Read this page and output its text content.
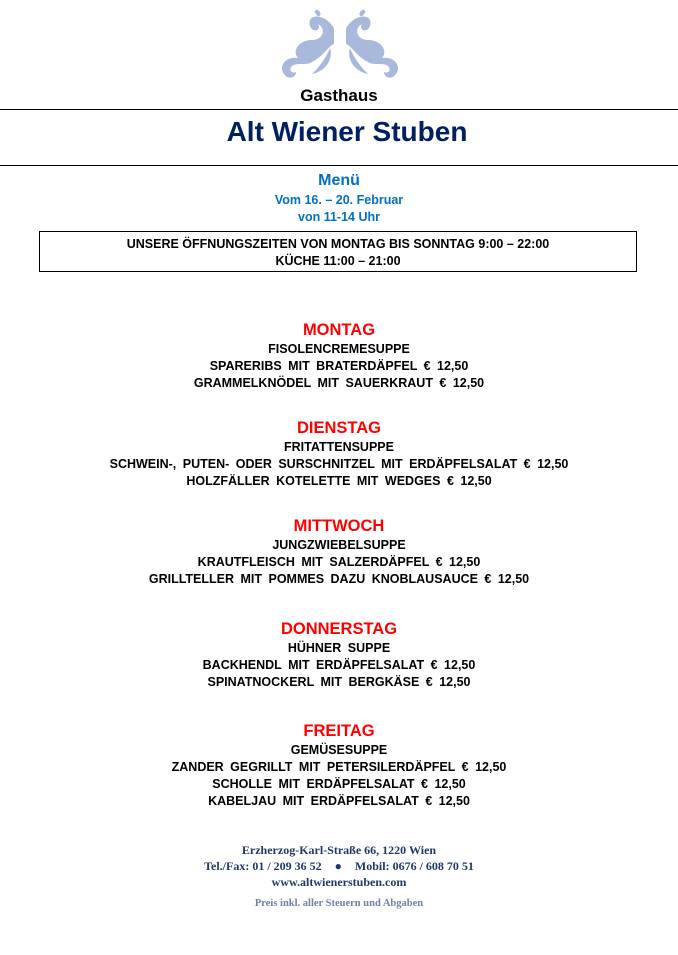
Gasthaus
Alt Wiener Stuben
Menü
Vom 16. – 20. Februar
von 11-14 Uhr
UNSERE ÖFFNUNGSZEITEN VON MONTAG BIS SONNTAG 9:00 – 22:00
KÜCHE 11:00 – 21:00
MONTAG
FISOLENCREMESUPPE
SPARERIBS MIT BRATERDÄPFEL € 12,50
GRAMMELKNÖDEL MIT SAUERKRAUT € 12,50
DIENSTAG
FRITATTENSUPPE
SCHWEIN-, PUTEN- ODER SURSCHNITZEL MIT ERDÄPFELSALAT € 12,50
HOLZFÄLLER KOTELETTE MIT WEDGES € 12,50
MITTWOCH
JUNGZWIEBELSUPPE
KRAUTFLEISCH MIT SALZERDÄPFEL € 12,50
GRILLTELLER MIT POMMES DAZU KNOBLAUSAUCE € 12,50
DONNERSTAG
HÜHNER SUPPE
BACKHENDL MIT ERDÄPFELSALAT € 12,50
SPINATNOCKERL MIT BERGKÄSE € 12,50
FREITAG
GEMÜSESUPPE
ZANDER GEGRILLT MIT PETERSILERDÄPFEL € 12,50
SCHOLLE MIT ERDÄPFELSALAT € 12,50
KABELJAU MIT ERDÄPFELSALAT € 12,50
Erzherzog-Karl-Straße 66, 1220 Wien
Tel./Fax: 01 / 209 36 52 ● Mobil: 0676 / 608 70 51
www.altwienerstuben.com
Preis inkl. aller Steuern und Abgaben
